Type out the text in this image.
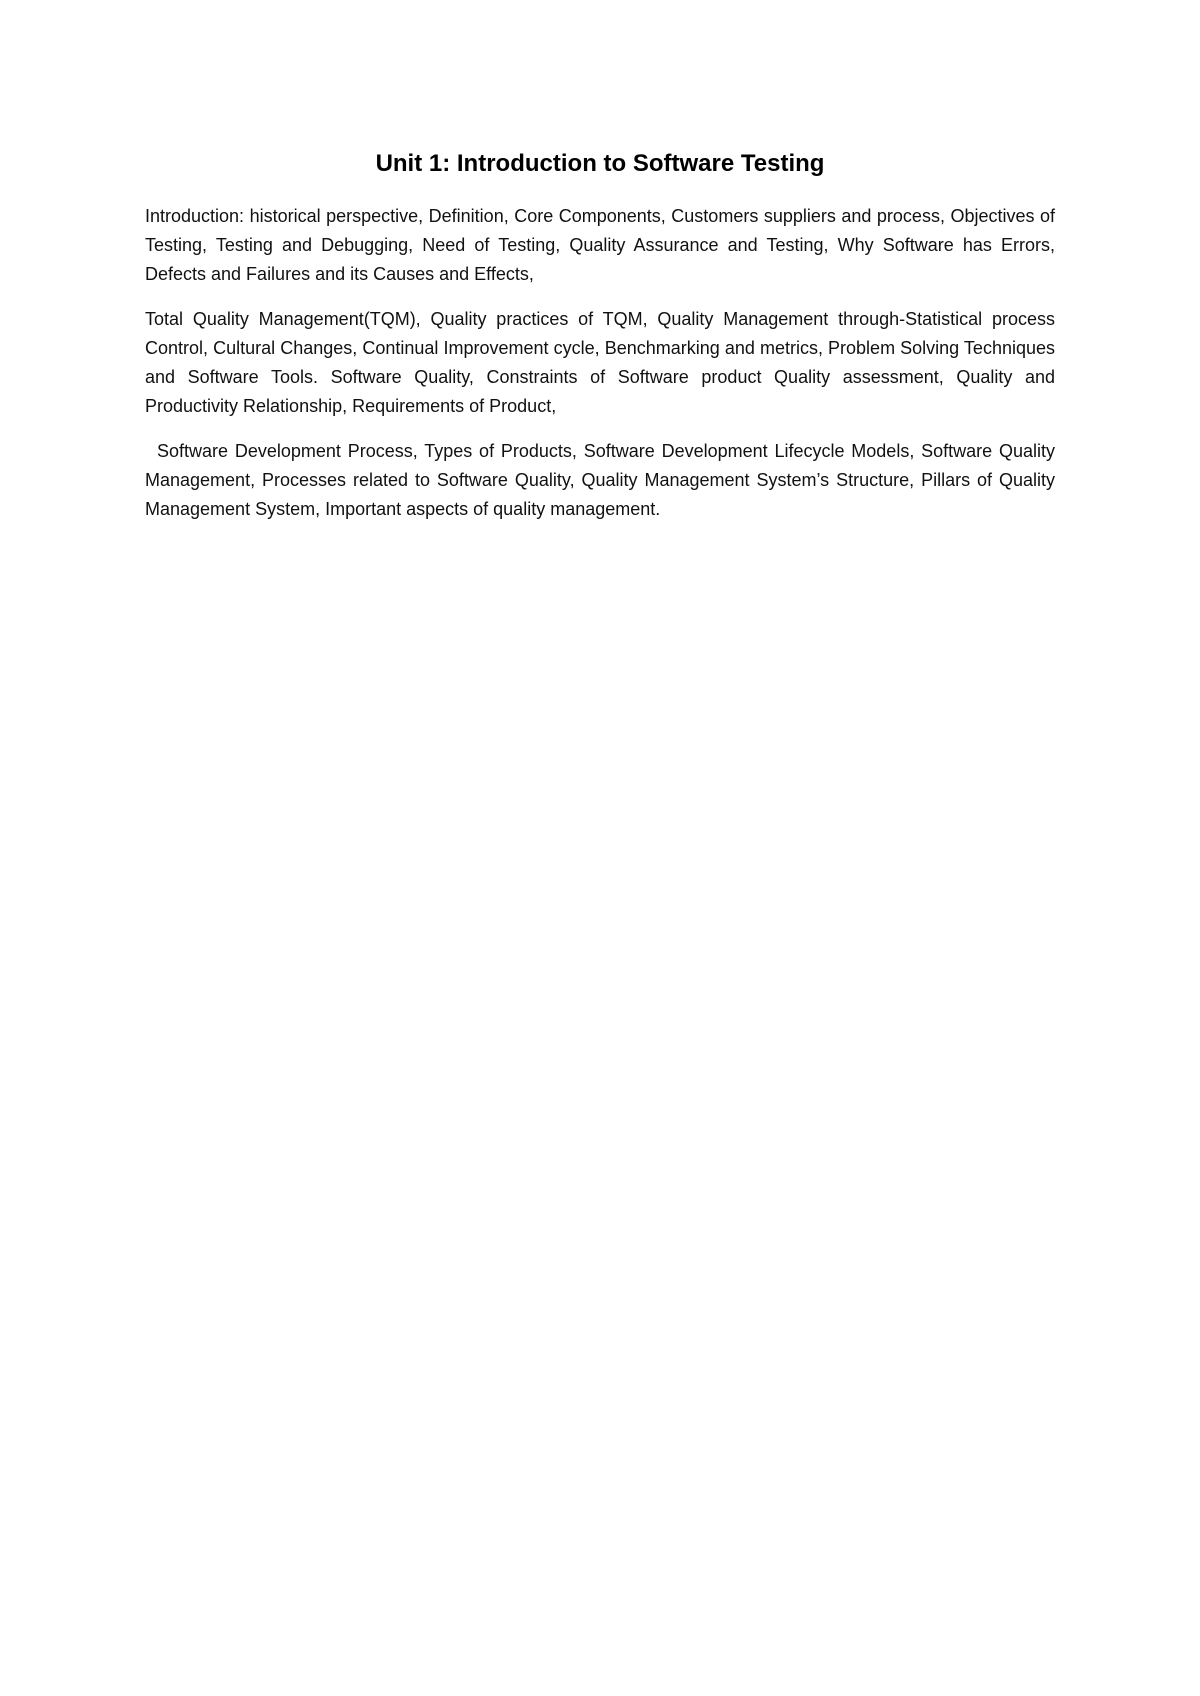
Unit 1: Introduction to Software Testing

Introduction: historical perspective, Definition, Core Components, Customers suppliers and process, Objectives of Testing, Testing and Debugging, Need of Testing, Quality Assurance and Testing, Why Software has Errors, Defects and Failures and its Causes and Effects,

Total Quality Management(TQM), Quality practices of TQM, Quality Management through-Statistical process Control, Cultural Changes, Continual Improvement cycle, Benchmarking and metrics, Problem Solving Techniques and Software Tools. Software Quality, Constraints of Software product Quality assessment, Quality and Productivity Relationship, Requirements of Product,

Software Development Process, Types of Products, Software Development Lifecycle Models, Software Quality Management, Processes related to Software Quality, Quality Management System’s Structure, Pillars of Quality Management System, Important aspects of quality management.
